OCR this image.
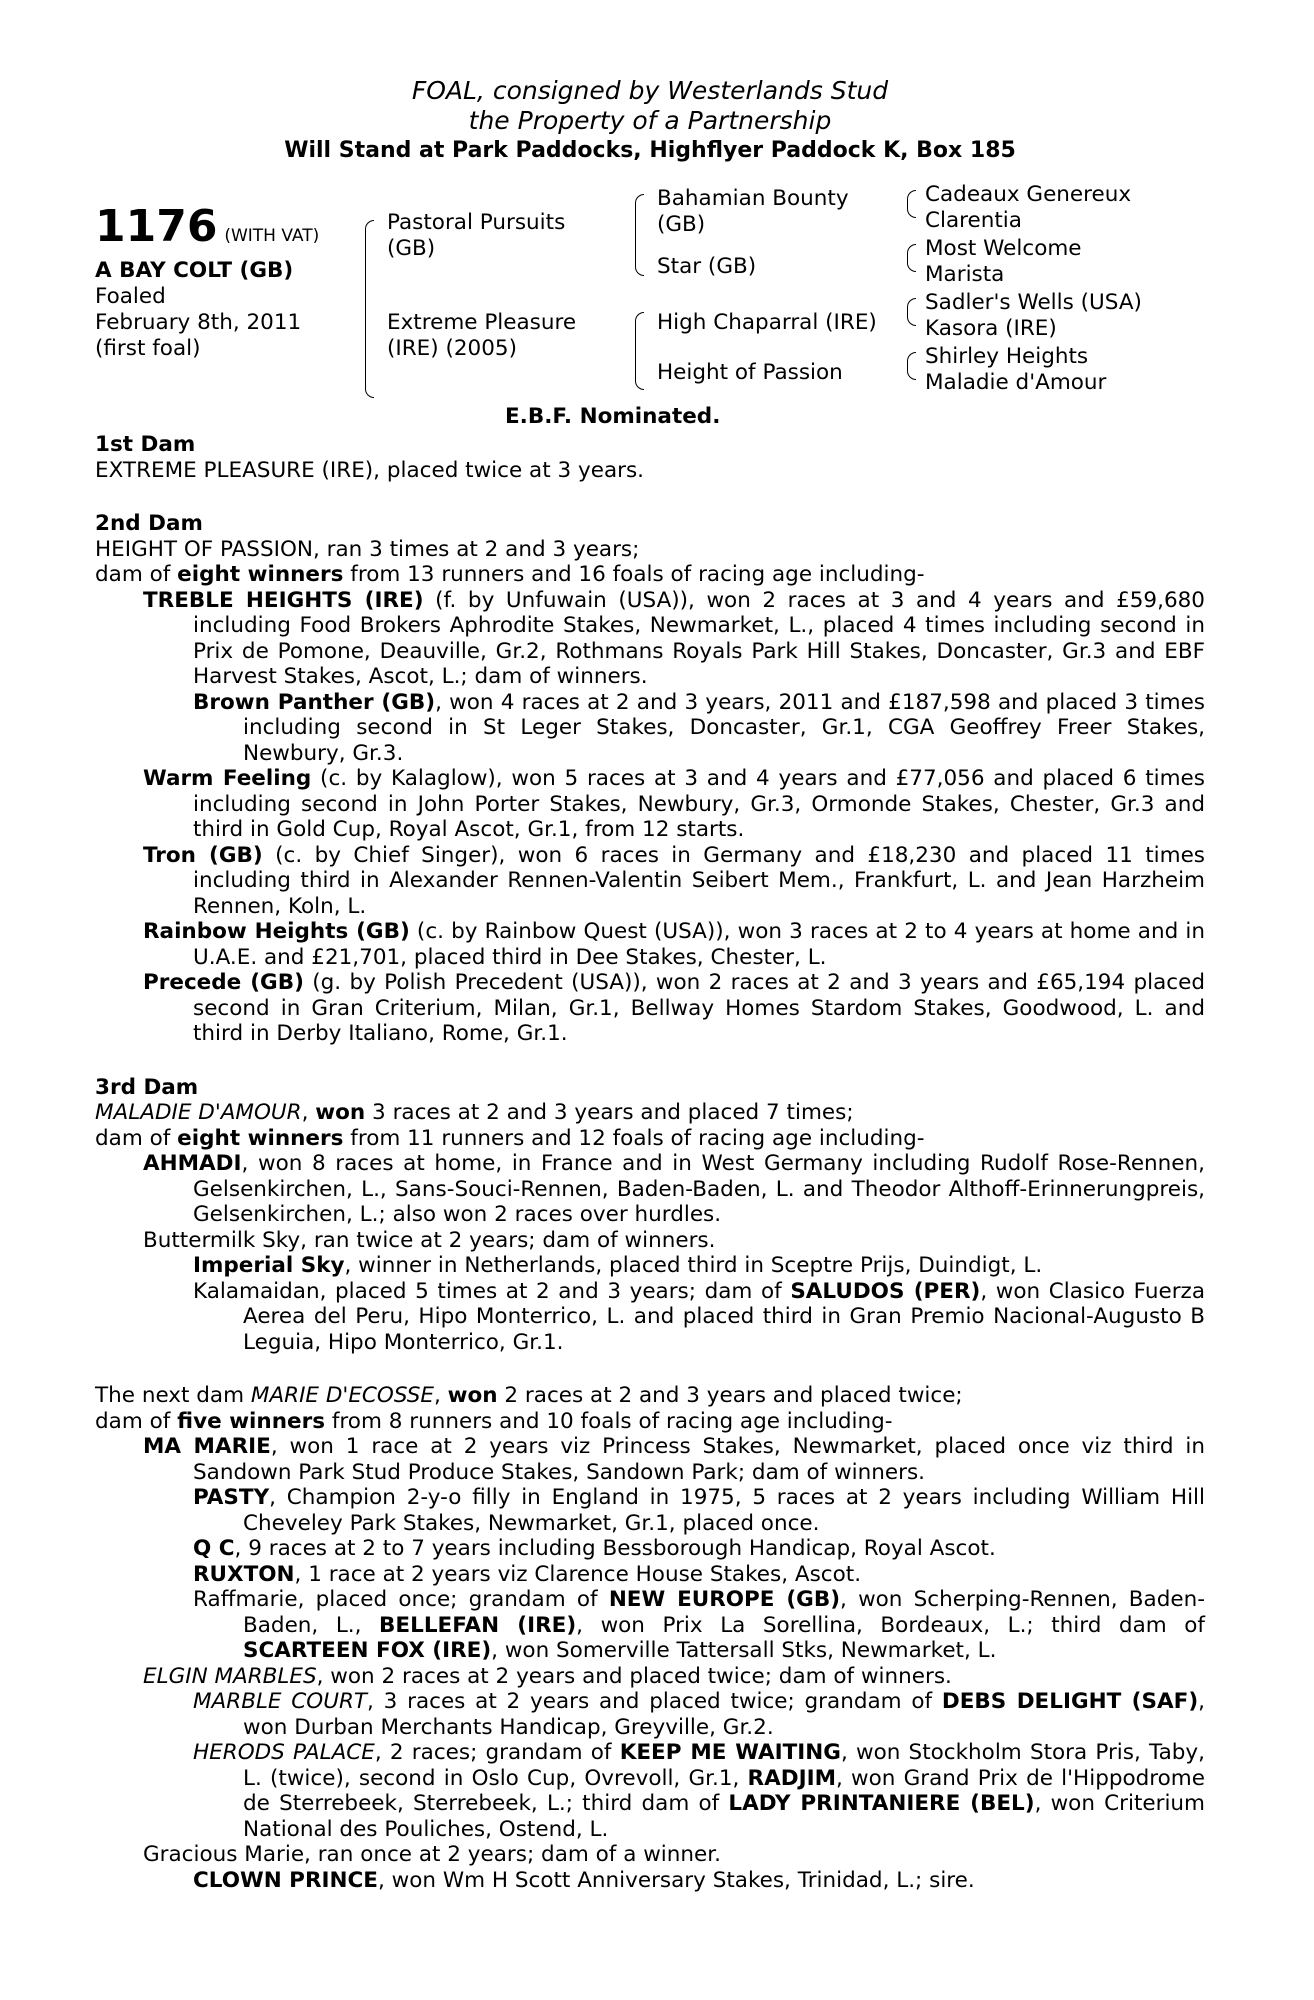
FOAL, consigned by Westerlands Stud
the Property of a Partnership
Will Stand at Park Paddocks, Highflyer Paddock K, Box 185
1176 (WITH VAT)
A BAY COLT (GB)
Foaled
February 8th, 2011
(first foal)
Pastoral Pursuits (GB)
Extreme Pleasure (IRE) (2005)
Bahamian Bounty (GB)
Star (GB)
High Chaparral (IRE)
Height of Passion
Cadeaux Genereux
Clarentia
Most Welcome
Marista
Sadler's Wells (USA)
Kasora (IRE)
Shirley Heights
Maladie d'Amour
E.B.F. Nominated.
1st Dam

EXTREME PLEASURE (IRE), placed twice at 3 years.

2nd Dam

HEIGHT OF PASSION, ran 3 times at 2 and 3 years;

dam of eight winners from 13 runners and 16 foals of racing age including-

TREBLE HEIGHTS (IRE) (f. by Unfuwain (USA)), won 2 races at 3 and 4 years and £59,680 including Food Brokers Aphrodite Stakes, Newmarket, L., placed 4 times including second in Prix de Pomone, Deauville, Gr.2, Rothmans Royals Park Hill Stakes, Doncaster, Gr.3 and EBF Harvest Stakes, Ascot, L.; dam of winners.

Brown Panther (GB), won 4 races at 2 and 3 years, 2011 and £187,598 and placed 3 times including second in St Leger Stakes, Doncaster, Gr.1, CGA Geoffrey Freer Stakes, Newbury, Gr.3.

Warm Feeling (c. by Kalaglow), won 5 races at 3 and 4 years and £77,056 and placed 6 times including second in John Porter Stakes, Newbury, Gr.3, Ormonde Stakes, Chester, Gr.3 and third in Gold Cup, Royal Ascot, Gr.1, from 12 starts.

Tron (GB) (c. by Chief Singer), won 6 races in Germany and £18,230 and placed 11 times including third in Alexander Rennen-Valentin Seibert Mem., Frankfurt, L. and Jean Harzheim Rennen, Koln, L.

Rainbow Heights (GB) (c. by Rainbow Quest (USA)), won 3 races at 2 to 4 years at home and in U.A.E. and £21,701, placed third in Dee Stakes, Chester, L.

Precede (GB) (g. by Polish Precedent (USA)), won 2 races at 2 and 3 years and £65,194 placed second in Gran Criterium, Milan, Gr.1, Bellway Homes Stardom Stakes, Goodwood, L. and third in Derby Italiano, Rome, Gr.1.

3rd Dam

MALADIE D'AMOUR, won 3 races at 2 and 3 years and placed 7 times;

dam of eight winners from 11 runners and 12 foals of racing age including-

AHMADI, won 8 races at home, in France and in West Germany including Rudolf Rose-Rennen, Gelsenkirchen, L., Sans-Souci-Rennen, Baden-Baden, L. and Theodor Althoff-Erinnerungpreis, Gelsenkirchen, L.; also won 2 races over hurdles.

Buttermilk Sky, ran twice at 2 years; dam of winners.

Imperial Sky, winner in Netherlands, placed third in Sceptre Prijs, Duindigt, L.

Kalamaidan, placed 5 times at 2 and 3 years; dam of SALUDOS (PER), won Clasico Fuerza Aerea del Peru, Hipo Monterrico, L. and placed third in Gran Premio Nacional-Augusto B Leguia, Hipo Monterrico, Gr.1.

The next dam MARIE D'ECOSSE, won 2 races at 2 and 3 years and placed twice;

dam of five winners from 8 runners and 10 foals of racing age including-

MA MARIE, won 1 race at 2 years viz Princess Stakes, Newmarket, placed once viz third in Sandown Park Stud Produce Stakes, Sandown Park; dam of winners.

PASTY, Champion 2-y-o filly in England in 1975, 5 races at 2 years including William Hill Cheveley Park Stakes, Newmarket, Gr.1, placed once.

Q C, 9 races at 2 to 7 years including Bessborough Handicap, Royal Ascot.

RUXTON, 1 race at 2 years viz Clarence House Stakes, Ascot.

Raffmarie, placed once; grandam of NEW EUROPE (GB), won Scherping-Rennen, Baden-Baden, L., BELLEFAN (IRE), won Prix La Sorellina, Bordeaux, L.; third dam of SCARTEEN FOX (IRE), won Somerville Tattersall Stks, Newmarket, L.

ELGIN MARBLES, won 2 races at 2 years and placed twice; dam of winners.

MARBLE COURT, 3 races at 2 years and placed twice; grandam of DEBS DELIGHT (SAF), won Durban Merchants Handicap, Greyville, Gr.2.

HERODS PALACE, 2 races; grandam of KEEP ME WAITING, won Stockholm Stora Pris, Taby, L. (twice), second in Oslo Cup, Ovrevoll, Gr.1, RADJIM, won Grand Prix de l'Hippodrome de Sterrebeek, Sterrebeek, L.; third dam of LADY PRINTANIERE (BEL), won Criterium National des Pouliches, Ostend, L.

Gracious Marie, ran once at 2 years; dam of a winner.

CLOWN PRINCE, won Wm H Scott Anniversary Stakes, Trinidad, L.; sire.
